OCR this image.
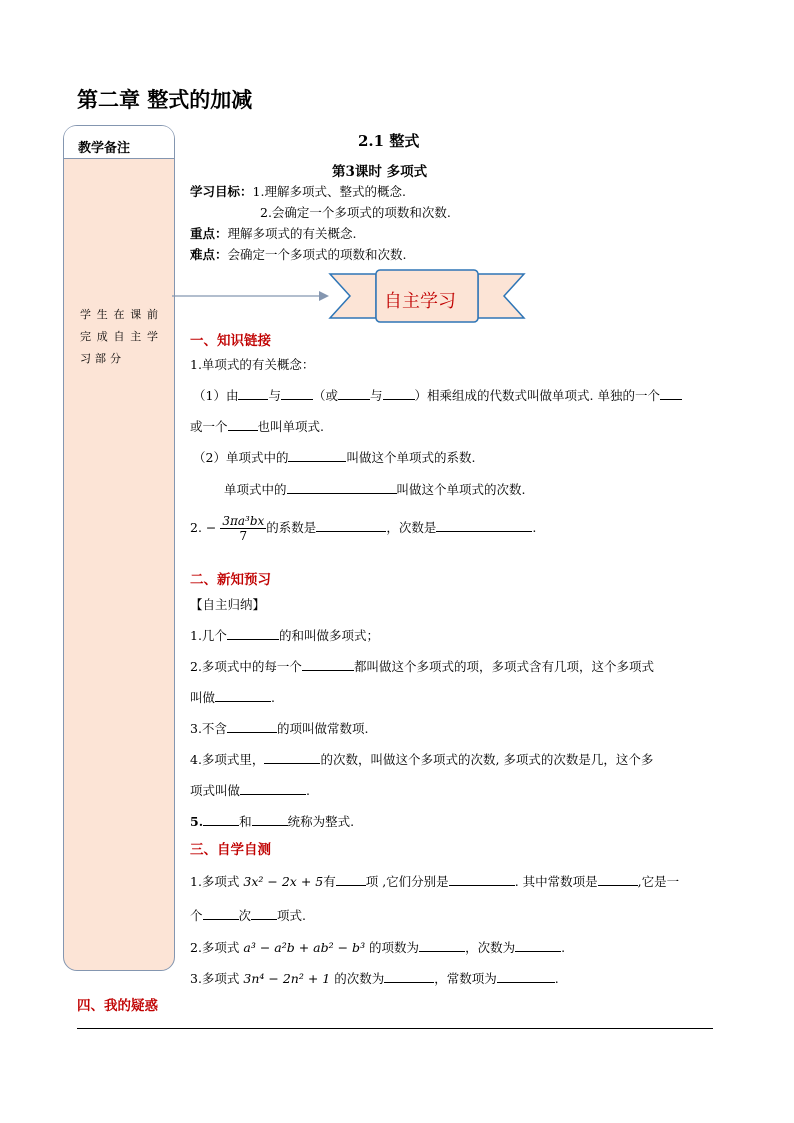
第二章 整式的加减
教学备注
学生在课前完成自主学习部分
2.1 整式
第3课时 多项式
学习目标：1.理解多项式、整式的概念.
2.会确定一个多项式的项数和次数.
重点：理解多项式的有关概念.
难点：会确定一个多项式的项数和次数.
自主学习
一、知识链接
1.单项式的有关概念：
（1）由 与	（或	与	）相乘组成的代数式叫做单项式. 单独的一个
或一个 也叫单项式.
（2）单项式中的	叫做这个单项式的系数.
单项式中的	叫做这个单项式的次数.
2. − $\frac{\text{3πa³bx}}{7}$ 的系数是	，次数是	.
二、新知预习
【自主归纳】
1.几个	的和叫做多项式；
2.多项式中的每一个	都叫做这个多项式的项，多项式含有几项，这个多项式
叫做	.
3.不含	的项叫做常数项.
4.多项式里，	的次数，叫做这个多项式的次数, 多项式的次数是几，这个多
项式叫做	.
5.	和	统称为整式.
三、自学自测
1.多项式 3x² − 2x + 5有 项 ,它们分别是	. 其中常数项是	,它是一
个	次 项式.
2.多项式 a³ − a²b + ab² − b³ 的项数为	，次数为	.
3.多项式 3n⁴ − 2n² + 1 的次数为	，常数项为	.
四、我的疑惑
